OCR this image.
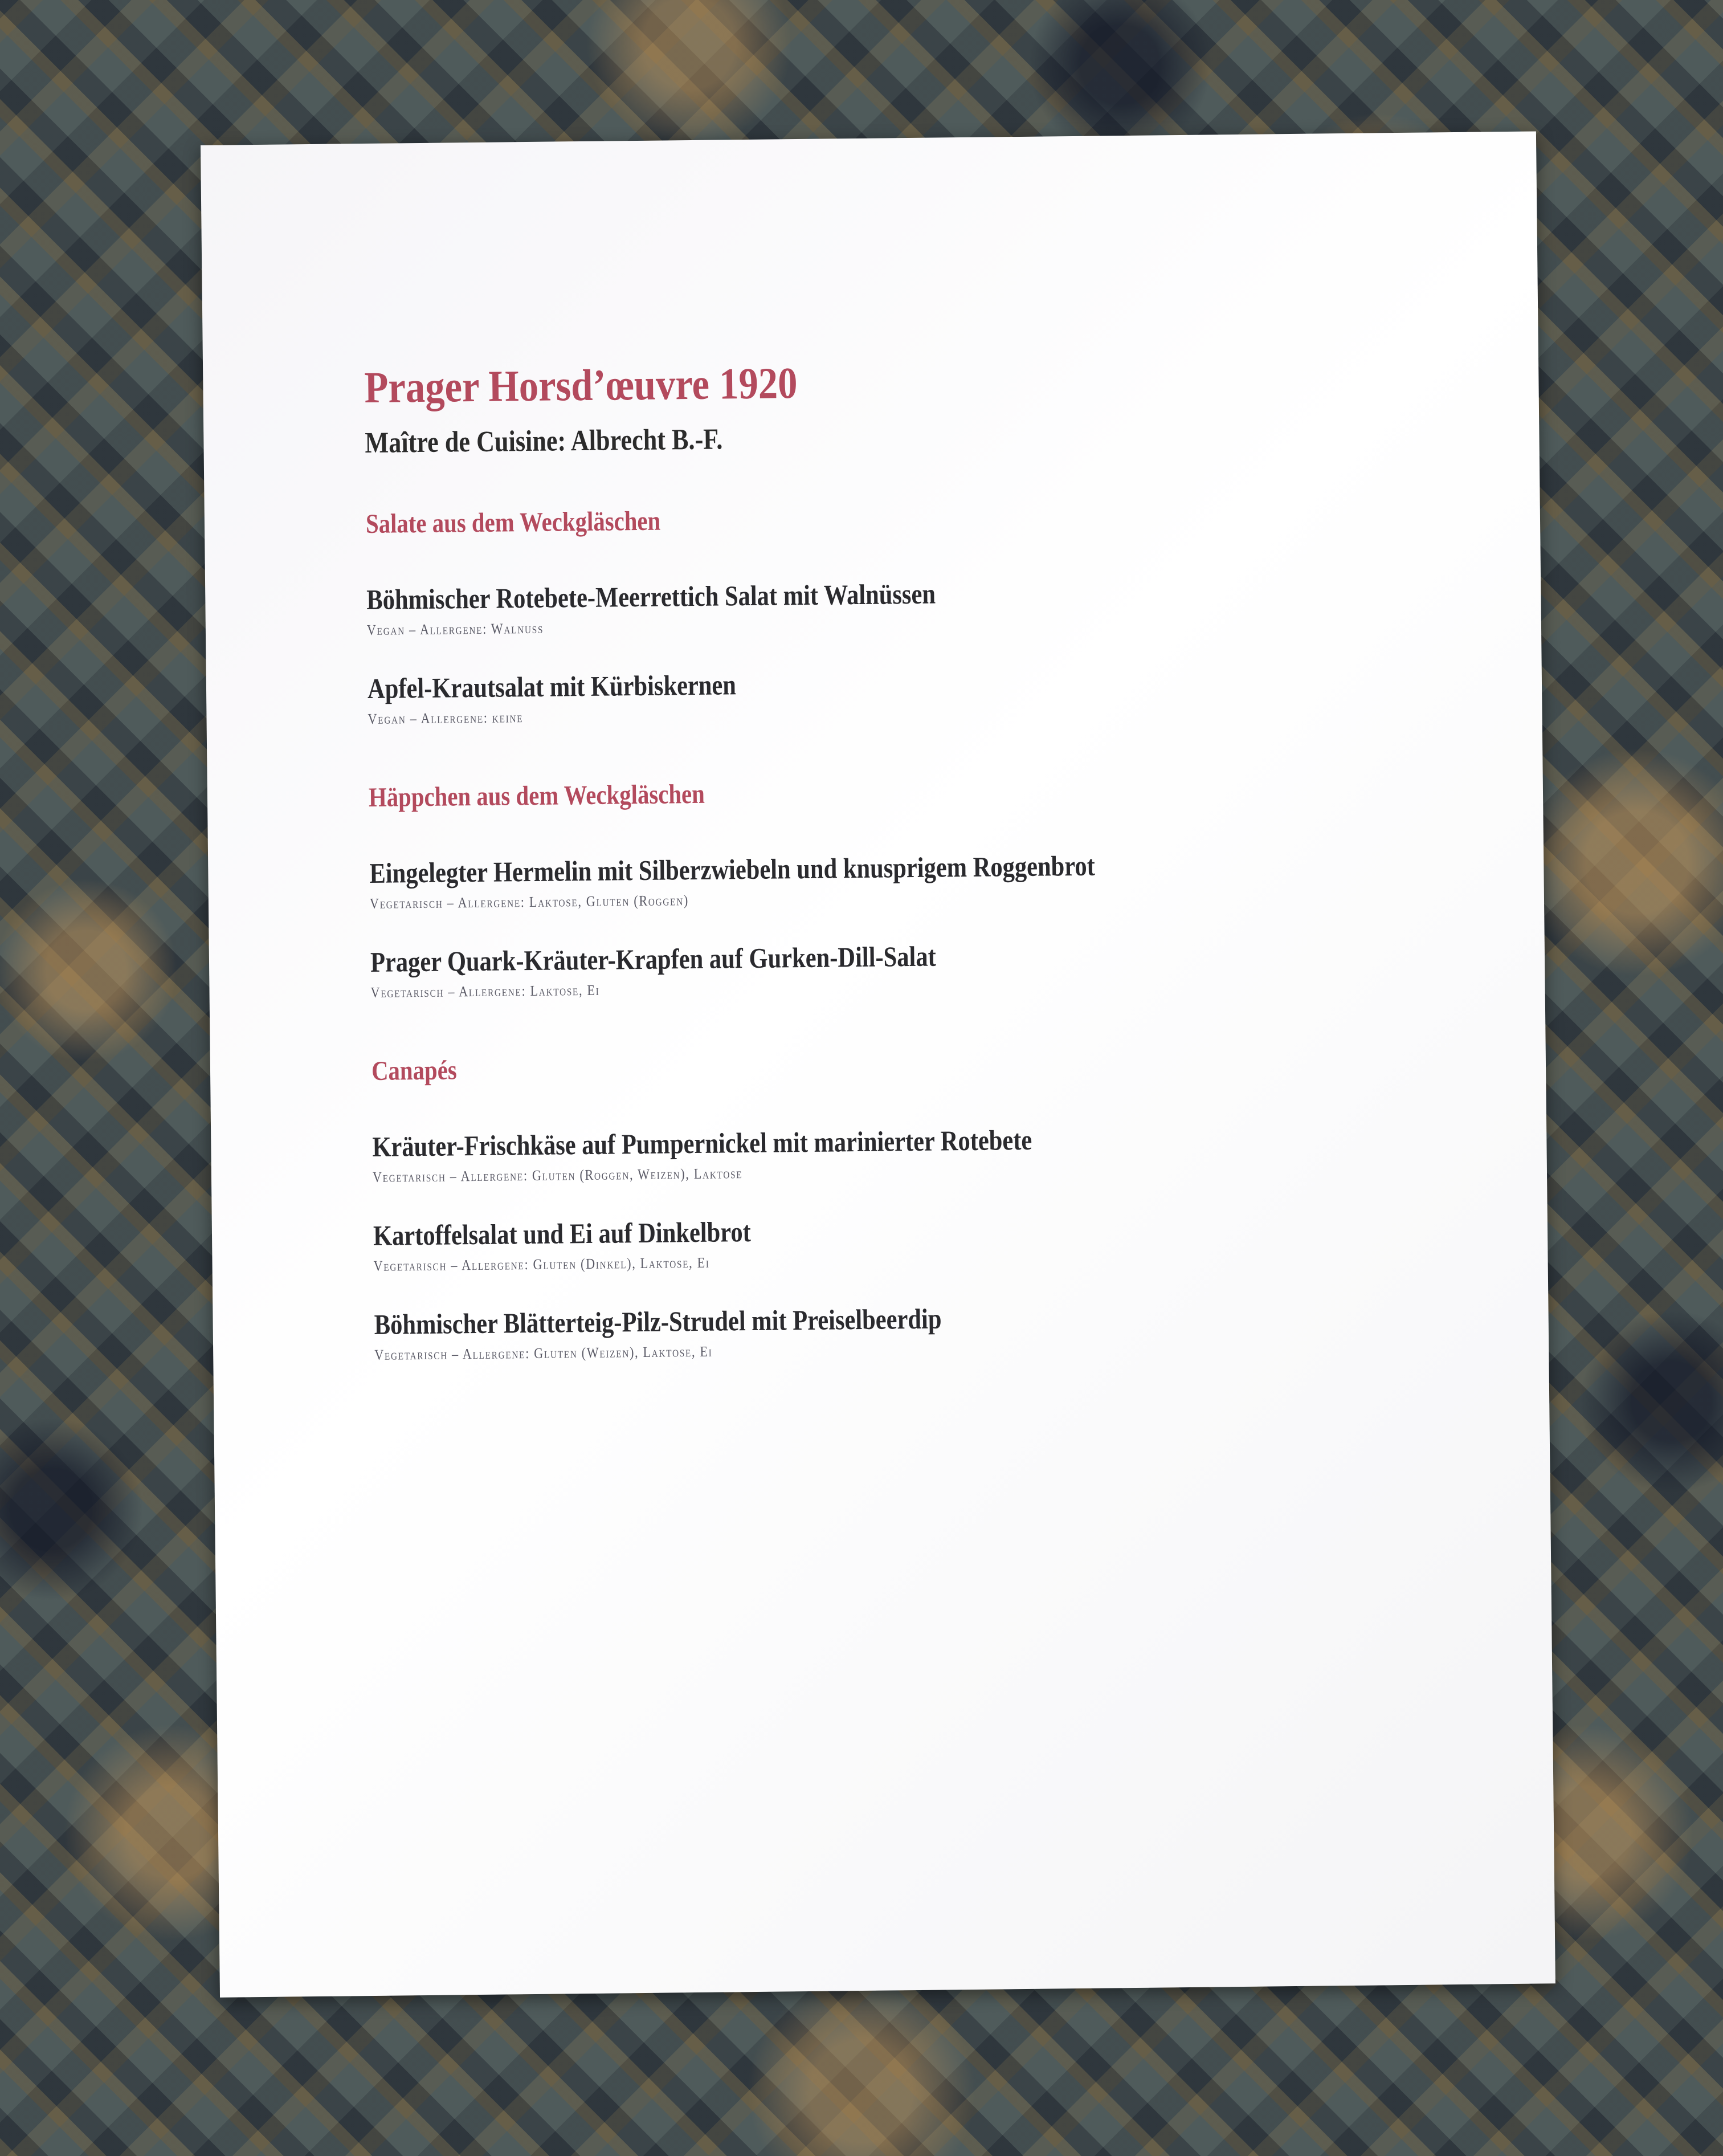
Prager Horsd’œuvre 1920
Maître de Cuisine: Albrecht B.-F.
Salate aus dem Weckgläschen
Böhmischer Rotebete-Meerrettich Salat mit Walnüssen
Vegan – Allergene: Walnuss
Apfel-Krautsalat mit Kürbiskernen
Vegan – Allergene: keine
Häppchen aus dem Weckgläschen
Eingelegter Hermelin mit Silberzwiebeln und knusprigem Roggenbrot
Vegetarisch – Allergene: Laktose, Gluten (Roggen)
Prager Quark-Kräuter-Krapfen auf Gurken-Dill-Salat
Vegetarisch – Allergene: Laktose, Ei
Canapés
Kräuter-Frischkäse auf Pumpernickel mit marinierter Rotebete
Vegetarisch – Allergene: Gluten (Roggen, Weizen), Laktose
Kartoffelsalat und Ei auf Dinkelbrot
Vegetarisch – Allergene: Gluten (Dinkel), Laktose, Ei
Böhmischer Blätterteig-Pilz-Strudel mit Preiselbeerdip
Vegetarisch – Allergene: Gluten (Weizen), Laktose, Ei
